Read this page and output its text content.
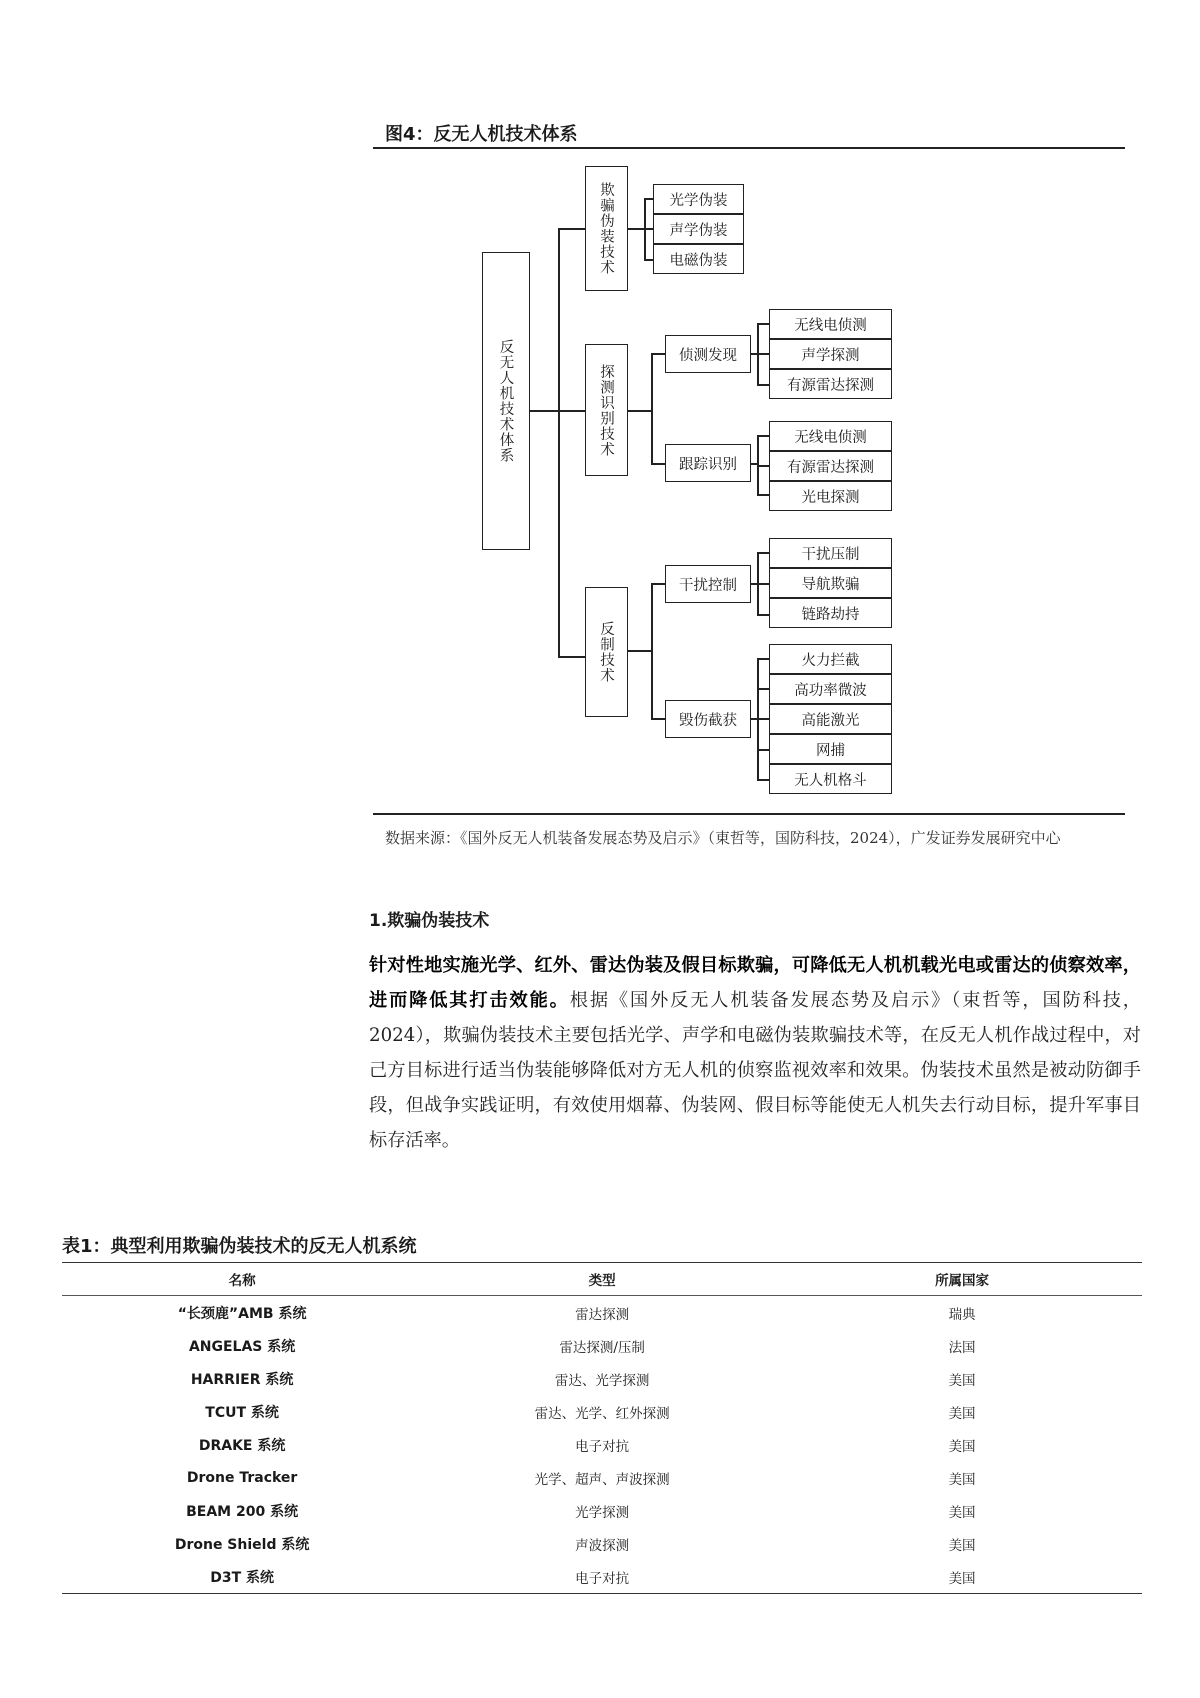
图4：反无人机技术体系
反无人机技术体系
欺骗伪装技术
探测识别技术
反制技术
光学伪装
声学伪装
电磁伪装
侦测发现
跟踪识别
无线电侦测
声学探测
有源雷达探测
无线电侦测
有源雷达探测
光电探测
干扰控制
毁伤截获
干扰压制
导航欺骗
链路劫持
火力拦截
高功率微波
高能激光
网捕
无人机格斗
数据来源：《国外反无人机装备发展态势及启示》（東哲等，国防科技，2024），广发证券发展研究中心
1.欺骗伪装技术
针对性地实施光学、红外、雷达伪装及假目标欺骗，可降低无人机机载光电或雷达的侦察效率，进而降低其打击效能。根据《国外反无人机装备发展态势及启示》（束哲等，国防科技，2024），欺骗伪装技术主要包括光学、声学和电磁伪装欺骗技术等，在反无人机作战过程中，对己方目标进行适当伪装能够降低对方无人机的侦察监视效率和效果。伪装技术虽然是被动防御手段，但战争实践证明，有效使用烟幕、伪装网、假目标等能使无人机失去行动目标，提升军事目标存活率。
表1：典型利用欺骗伪装技术的反无人机系统
名称	类型	所属国家
“长颈鹿”AMB 系统	雷达探测	瑞典
ANGELAS 系统	雷达探测/压制	法国
HARRIER 系统	雷达、光学探测	美国
TCUT 系统	雷达、光学、红外探测	美国
DRAKE 系统	电子对抗	美国
Drone Tracker	光学、超声、声波探测	美国
BEAM 200 系统	光学探测	美国
Drone Shield 系统	声波探测	美国
D3T 系统	电子对抗	美国
